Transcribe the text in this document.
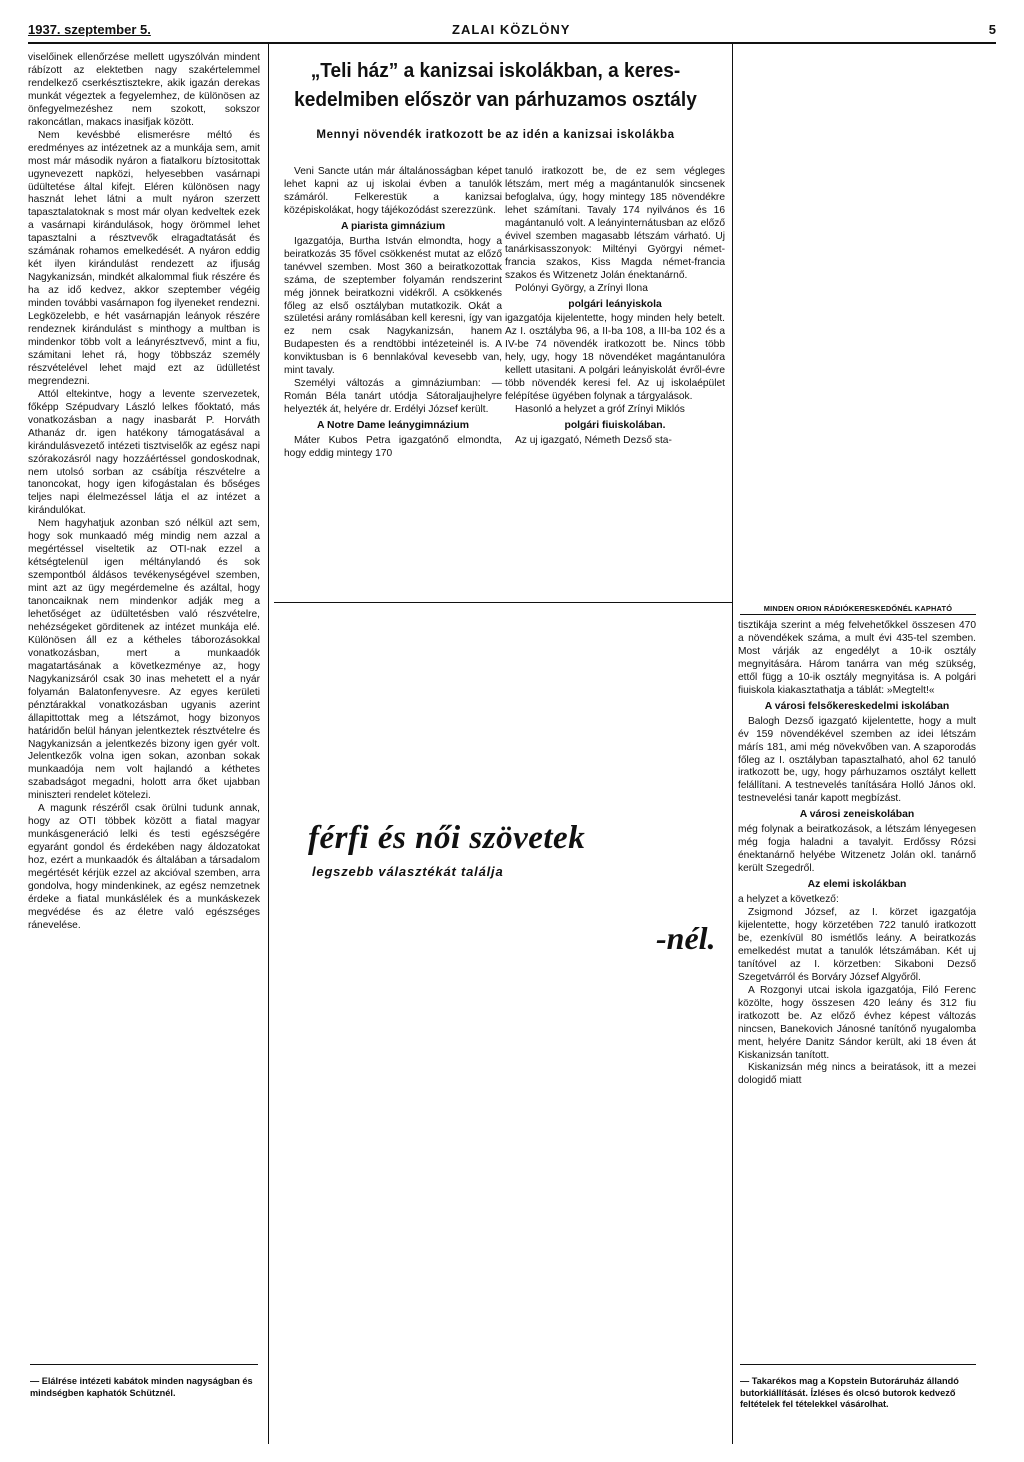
1937. szeptember 5.	ZALAI KÖZLÖNY	5

viselőinek ellenőrzése mellett ugyszólván mindent rábízott az elektetben nagy szakértelemmel rendelkező cserkésztisztekre, akik igazán derekas munkát végeztek a fegyelemhez, de különösen az önfegyelmezéshez nem szokott, sokszor rakoncátlan, makacs inasifjak között.

Nem kevésbbé elismerésre méltó és eredményes az intézetnek az a munkája sem, amit most már második nyáron a fiatalkoru bíztositottak ugynevezett napközi, helyesebben vasárnapi üdültetése által kifejt. Eléren különösen nagy hasznát lehet látni a mult nyáron szerzett tapasztalatoknak s most már olyan kedveltek ezek a vasárnapi kirándulások, hogy örömmel lehet tapasztalni a résztvevők elragadtatását és számának rohamos emelkedését. A nyáron eddig két ilyen kirándulást rendezett az ifjuság Nagykanizsán, mindkét alkalommal fiuk részére és ha az idő kedvez, akkor szeptember végéig minden további vasárnapon fog ilyeneket rendezni. Legközelebb, e hét vasárnapján leányok részére rendeznek kirándulást s minthogy a multban is mindenkor több volt a leányrésztvevő, mint a fiu, számitani lehet rá, hogy többszáz személy részvételével lehet majd ezt az üdülletést megrendezni.

Attól eltekintve, hogy a levente szervezetek, főképp Szépudvary László lelkes főoktató, más vonatkozásban a nagy inasbarát P. Horváth Athanáz dr. igen hatékony támogatásával a kirándulásvezető intézeti tisztviselők az egész napi szórakozásról nagy hozzáértéssel gondoskodnak, nem utolsó sorban az csábítja részvételre a tanoncokat, hogy igen kifogástalan és bőséges teljes napi élelmezéssel látja el az intézet a kirándulókat.

Nem hagyhatjuk azonban szó nélkül azt sem, hogy sok munkaadó még mindig nem azzal a megértéssel viseltetik az OTI-nak ezzel a kétségtelenül igen méltánylandó és sok szempontból áldásos tevékenységével szemben, mint azt az ügy megérdemelne és azáltal, hogy tanoncaiknak nem mindenkor adják meg a lehetőséget az üdültetésben való részvételre, nehézségeket görditenek az intézet munkája elé. Különösen áll ez a kétheles táborozásokkal vonatkozásban, mert a munkaadók magatartásának a következménye az, hogy Nagykanizsáról csak 30 inas mehetett el a nyár folyamán Balatonfenyvesre. Az egyes kerületi pénztárakkal vonatkozásban ugyanis azerint állapittottak meg a létszámot, hogy bizonyos határidőn belül hányan jelentkeztek résztvételre és Nagykanizsán a jelentkezés bizony igen gyér volt. Jelentkezők volna igen sokan, azonban sokak munkaadója nem volt hajlandó a kéthetes szabadságot megadni, holott arra őket ujabban miniszteri rendelet kötelezi.

A magunk részéről csak örülni tudunk annak, hogy az OTI többek között a fiatal magyar munkásgeneráció lelki és testi egészségére egyaránt gondol és érdekében nagy áldozatokat hoz, ezért a munkaadók és általában a társadalom megértését kérjük ezzel az akcióval szemben, arra gondolva, hogy mindenkinek, az egész nemzetnek érdeke a fiatal munkáslélek és a munkáskezek megvédése és az életre való egészséges ránevelése.

— Elálrése intézeti kabátok minden nagyságban és mindségben kaphatók Schütznél.
„Teli ház” a kanizsai iskolákban, a keres-
kedelmiben először van párhuzamos osztály
Mennyi növendék iratkozott be az idén a kanizsai iskolákba

Veni Sancte után már általánosságban képet lehet kapni az uj iskolai évben a tanulók számáról. Felkerestük a kanizsai középiskolákat, hogy tájékozódást szerezzünk.

A piarista gimnázium

Igazgatója, Burtha István elmondta, hogy a beiratkozás 35 fővel csökkenést mutat az előző tanévvel szemben. Most 360 a beiratkozottak száma, de szeptember folyamán rendszerint még jönnek beiratkozni vidékről. A csökkenés főleg az első osztályban mutatkozik. Okát a születési arány romlásában kell keresni, így van ez nem csak Nagykanizsán, hanem Budapesten és a rendtöbbi intézeteinél is. A konviktusban is 6 bennlakóval kevesebb van, mint tavaly.

Személyi változás a gimnáziumban: — Román Béla tanárt utódja Sátoraljaujhelyre helyezték át, helyére dr. Erdélyi József került.

A Notre Dame leánygimnázium

Máter Kubos Petra igazgatónő elmondta, hogy eddig mintegy 170

tanuló iratkozott be, de ez sem végleges létszám, mert még a magántanulók sincsenek befoglalva, úgy, hogy mintegy 185 növendékre lehet számítani. Tavaly 174 nyilvános és 16 magántanuló volt. A leányinternátusban az előző évivel szemben magasabb létszám várható. Uj tanárkisasszonyok: Miltényi Györgyi német-francia szakos, Kiss Magda német-francia szakos és Witzenetz Jolán énektanárnő.

Polónyi György, a Zrínyi Ilona

polgári leányiskola

igazgatója kijelentette, hogy minden hely betelt. Az I. osztályba 96, a II-ba 108, a III-ba 102 és a IV-be 74 növendék iratkozott be. Nincs több hely, ugy, hogy 18 növendéket magántanulóra kellett utasitani. A polgári leányiskolát évről-évre több növendék keresi fel. Az uj iskolaépület felépítése ügyében folynak a tárgyalások.

Hasonló a helyzet a gróf Zrínyi Miklós

polgári fiuiskolában.

Az uj igazgató, Németh Dezső sta-

MINDEN ORION RÁDIÓKERESKEDŐNÉL KAPHATÓ

tisztikája szerint a még felvehetőkkel összesen 470 a növendékek száma, a mult évi 435-tel szemben. Most várják az engedélyt a 10-ik osztály megnyitására. Három tanárra van még szükség, ettől függ a 10-ik osztály megnyitása is. A polgári fiuiskola kiakasztathatja a táblát: »Megtelt!«

A városi felsőkereskedelmi iskolában

Balogh Dezső igazgató kijelentette, hogy a mult év 159 növendékével szemben az idei létszám márís 181, ami még növekvőben van. A szaporodás főleg az I. osztályban tapasztalható, ahol 62 tanuló iratkozott be, ugy, hogy párhuzamos osztályt kellett felállítani. A testnevelés tanítására Holló János okl. testnevelési tanár kapott megbízást.

A városi zeneiskolában

még folynak a beiratkozások, a létszám lényegesen még fogja haladni a tavalyit. Erdőssy Rózsi énektanárnő helyébe Witzenetz Jolán okl. tanárnő került Szegedről.

Az elemi iskolákban

a helyzet a következő:

Zsigmond József, az I. körzet igazgatója kijelentette, hogy körzetében 722 tanuló iratkozott be, ezenkívül 80 ismétlős leány. A beiratkozás emelkedést mutat a tanulók létszámában. Két uj tanítóvel az I. körzetben: Sikaboni Dezső Szegetvárról és Borváry József Algyőről.

A Rozgonyi utcai iskola igazgatója, Filó Ferenc közölte, hogy összesen 420 leány és 312 fiu iratkozott be. Az előző évhez képest változás nincsen, Banekovich Jánosné tanítónő nyugalomba ment, helyére Danitz Sándor került, aki 18 éven át Kiskanizsán tanított.

Kiskanizsán még nincs a beiratások, itt a mezei dologidő miatt

— Takarékos mag a Kopstein Butoráruház állandó butorkiállítását. Ízléses és olcsó butorok kedvező feltételek fel tételekkel vásárolhat.
férfi és női szövetek
legszebb választékát találja
-nél.
